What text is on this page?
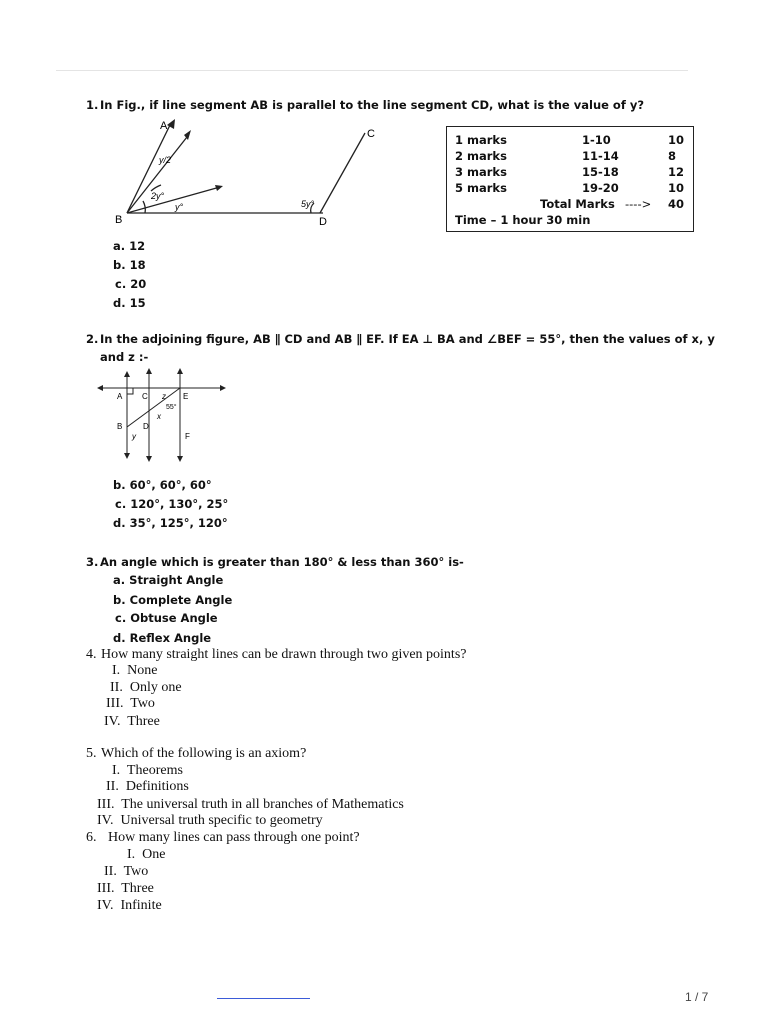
1. In Fig., if line segment AB is parallel to the line segment CD, what is the value of y?
A
B
C
D
y/2
2y°
y°	5y°
a. 12
b. 18
c. 20
d. 15
1 marks	1-10	10
2 marks	11-14	8
3 marks	15-18	12
5 marks	19-20	10
Total Marks ----> 40
Time – 1 hour 30 min
2. In the adjoining figure, AB ∥ CD and AB ∥ EF. If EA ⊥ BA and ∠BEF = 55°, then the values of x, y
and z :-
A C z E
55°
x
B	D
y	F
b. 60°, 60°, 60°
c. 120°, 130°, 25°
d. 35°, 125°, 120°
3. An angle which is greater than 180° & less than 360° is-
a. Straight Angle
b. Complete Angle
c. Obtuse Angle
d. Reflex Angle
4. How many straight lines can be drawn through two given points?
I. None
II. Only one
III. Two
IV. Three
5. Which of the following is an axiom?
I. Theorems
II. Definitions
III. The universal truth in all branches of Mathematics
IV. Universal truth specific to geometry
6. How many lines can pass through one point?
I. One
II. Two
III. Three
IV. Infinite
1 / 7
